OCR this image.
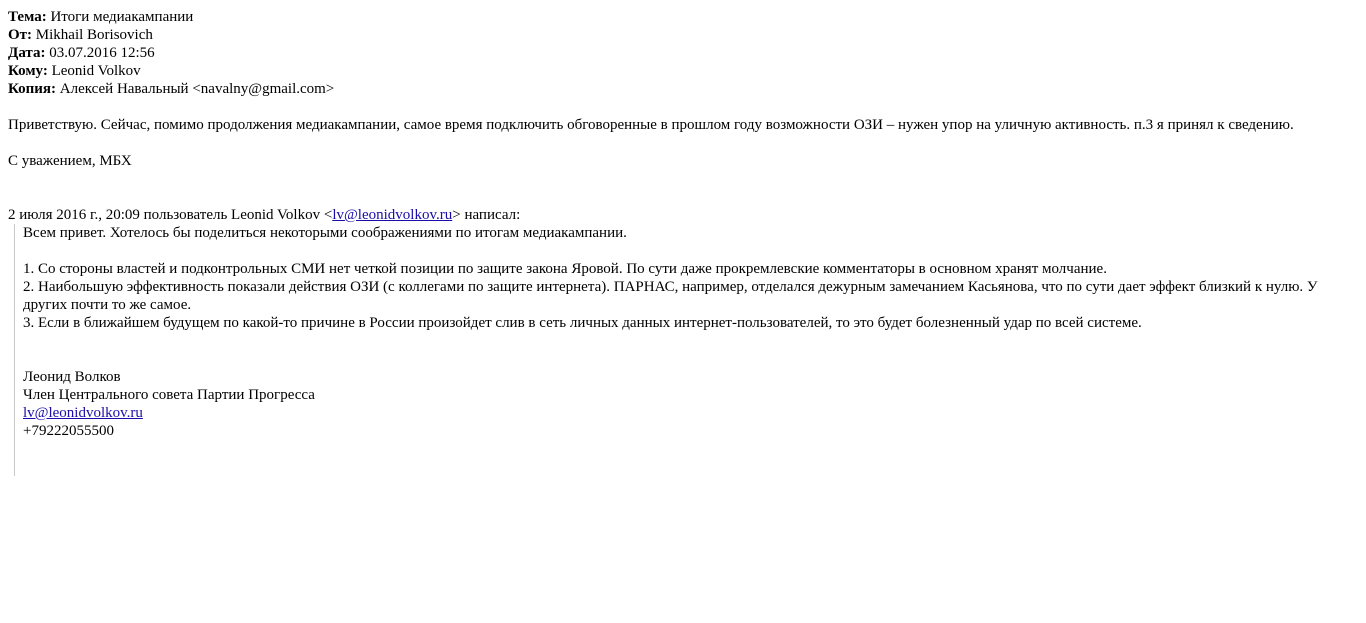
Тема: Итоги медиакампании
От: Mikhail Borisovich
Дата: 03.07.2016 12:56
Кому: Leonid Volkov
Копия: Алексей Навальный <navalny@gmail.com>

Приветствую. Сейчас, помимо продолжения медиакампании, самое время подключить обговоренные в прошлом году возможности ОЗИ – нужен упор на уличную активность. п.3 я принял к сведению.

С уважением, МБХ
2 июля 2016 г., 20:09 пользователь Leonid Volkov <lv@leonidvolkov.ru> написал:
Всем привет. Хотелось бы поделиться некоторыми соображениями по итогам медиакампании.
1. Со стороны властей и подконтрольных СМИ нет четкой позиции по защите закона Яровой. По сути даже прокремлевские комментаторы в основном хранят молчание.
2. Наибольшую эффективность показали действия ОЗИ (с коллегами по защите интернета). ПАРНАС, например, отделался дежурным замечанием Касьянова, что по сути дает эффект близкий к нулю. У других почти то же самое.
3. Если в ближайшем будущем по какой-то причине в России произойдет слив в сеть личных данных интернет-пользователей, то это будет болезненный удар по всей системе.
Леонид Волков
Член Центрального совета Партии Прогресса
lv@leonidvolkov.ru
+79222055500
